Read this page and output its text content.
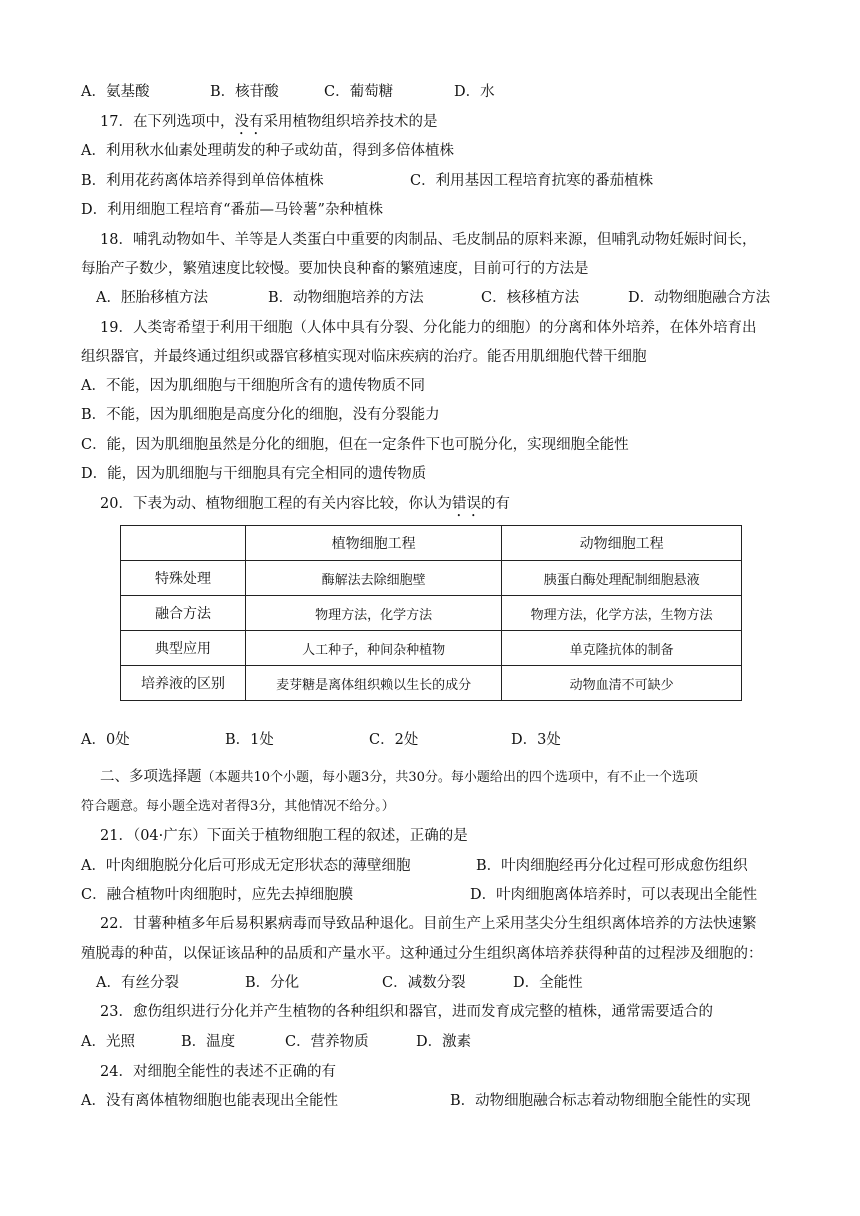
A．氨基酸	B．核苷酸	C．葡萄糖	D．水
17．在下列选项中，没有采用植物组织培养技术的是
A．利用秋水仙素处理萌发的种子或幼苗，得到多倍体植株
B．利用花药离体培养得到单倍体植株	C．利用基因工程培育抗寒的番茄植株
D．利用细胞工程培育“番茄—马铃薯”杂种植株
18．哺乳动物如牛、羊等是人类蛋白中重要的肉制品、毛皮制品的原料来源，但哺乳动物妊娠时间长，
每胎产子数少，繁殖速度比较慢。要加快良种畜的繁殖速度，目前可行的方法是
A．胚胎移植方法	B．动物细胞培养的方法	C．核移植方法	D．动物细胞融合方法
19．人类寄希望于利用干细胞（人体中具有分裂、分化能力的细胞）的分离和体外培养，在体外培育出
组织器官，并最终通过组织或器官移植实现对临床疾病的治疗。能否用肌细胞代替干细胞
A．不能，因为肌细胞与干细胞所含有的遗传物质不同
B．不能，因为肌细胞是高度分化的细胞，没有分裂能力
C．能，因为肌细胞虽然是分化的细胞，但在一定条件下也可脱分化，实现细胞全能性
D．能，因为肌细胞与干细胞具有完全相同的遗传物质
20．下表为动、植物细胞工程的有关内容比较，你认为错误的有
	植物细胞工程	动物细胞工程
特殊处理	酶解法去除细胞壁	胰蛋白酶处理配制细胞悬液
融合方法	物理方法，化学方法	物理方法，化学方法，生物方法
典型应用	人工种子，种间杂种植物	单克隆抗体的制备
培养液的区别	麦芽糖是离体组织赖以生长的成分	动物血清不可缺少
A．0处	B．1处	C．2处	D．3处
二、多项选择题（本题共10个小题，每小题3分，共30分。每小题给出的四个选项中，有不止一个选项
符合题意。每小题全选对者得3分，其他情况不给分。）
21．（04·广东）下面关于植物细胞工程的叙述，正确的是
A．叶肉细胞脱分化后可形成无定形状态的薄壁细胞	B．叶肉细胞经再分化过程可形成愈伤组织
C．融合植物叶肉细胞时，应先去掉细胞膜	D．叶肉细胞离体培养时，可以表现出全能性
22．甘薯种植多年后易积累病毒而导致品种退化。目前生产上采用茎尖分生组织离体培养的方法快速繁
殖脱毒的种苗，以保证该品种的品质和产量水平。这种通过分生组织离体培养获得种苗的过程涉及细胞的：
A．有丝分裂	B．分化	C．减数分裂	D．全能性
23．愈伤组织进行分化并产生植物的各种组织和器官，进而发育成完整的植株，通常需要适合的
A．光照	B．温度	C．营养物质	D．激素
24．对细胞全能性的表述不正确的有
A．没有离体植物细胞也能表现出全能性	B．动物细胞融合标志着动物细胞全能性的实现
